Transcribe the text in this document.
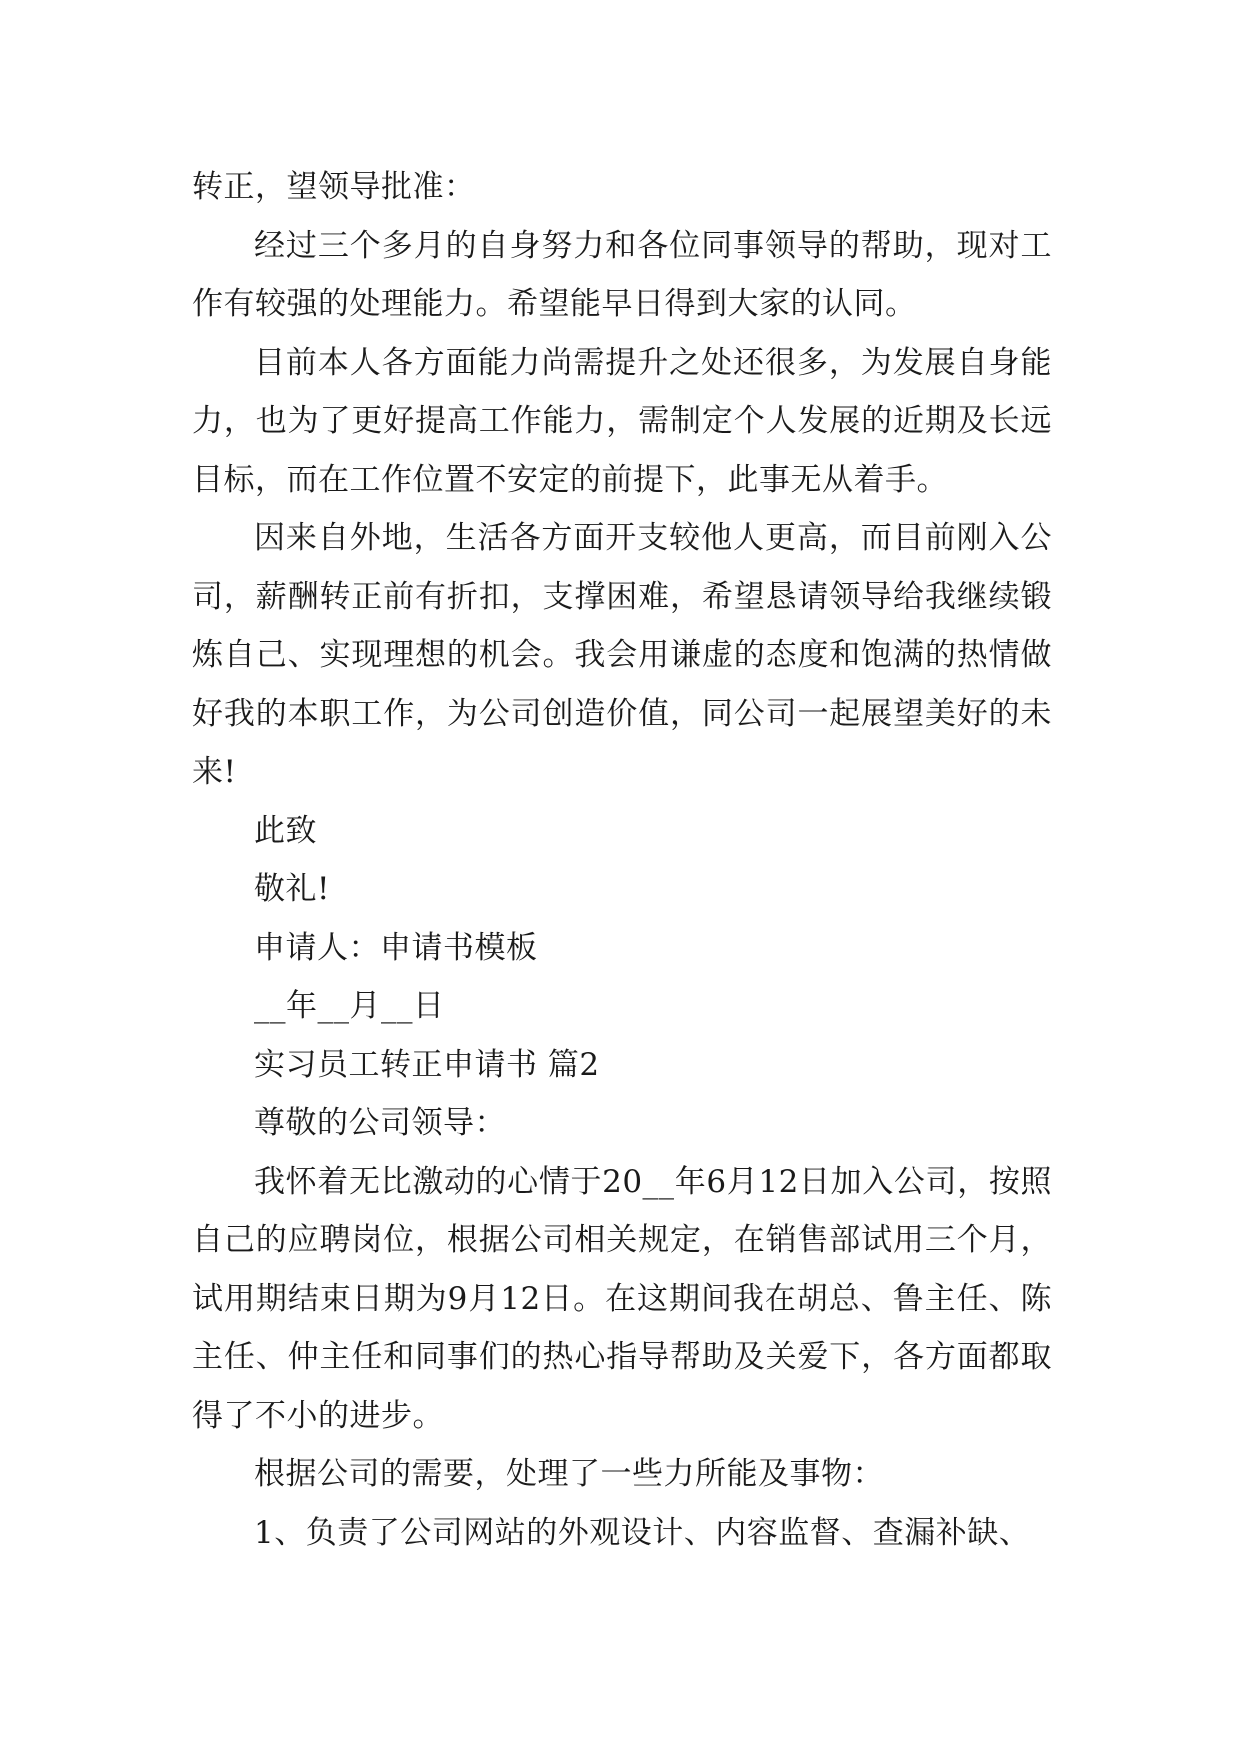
转正，望领导批准：

经过三个多月的自身努力和各位同事领导的帮助，现对工作有较强的处理能力。希望能早日得到大家的认同。

目前本人各方面能力尚需提升之处还很多，为发展自身能力，也为了更好提高工作能力，需制定个人发展的近期及长远目标，而在工作位置不安定的前提下，此事无从着手。

因来自外地，生活各方面开支较他人更高，而目前刚入公司，薪酬转正前有折扣，支撑困难，希望恳请领导给我继续锻炼自己、实现理想的机会。我会用谦虚的态度和饱满的热情做好我的本职工作，为公司创造价值，同公司一起展望美好的未来!

此致

敬礼!

申请人：申请书模板

__年__月__日

实习员工转正申请书 篇2

尊敬的公司领导：

我怀着无比激动的心情于20__年6月12日加入公司，按照自己的应聘岗位，根据公司相关规定，在销售部试用三个月，试用期结束日期为9月12日。在这期间我在胡总、鲁主任、陈主任、仲主任和同事们的热心指导帮助及关爱下，各方面都取得了不小的进步。

根据公司的需要，处理了一些力所能及事物：

1、负责了公司网站的外观设计、内容监督、查漏补缺、
